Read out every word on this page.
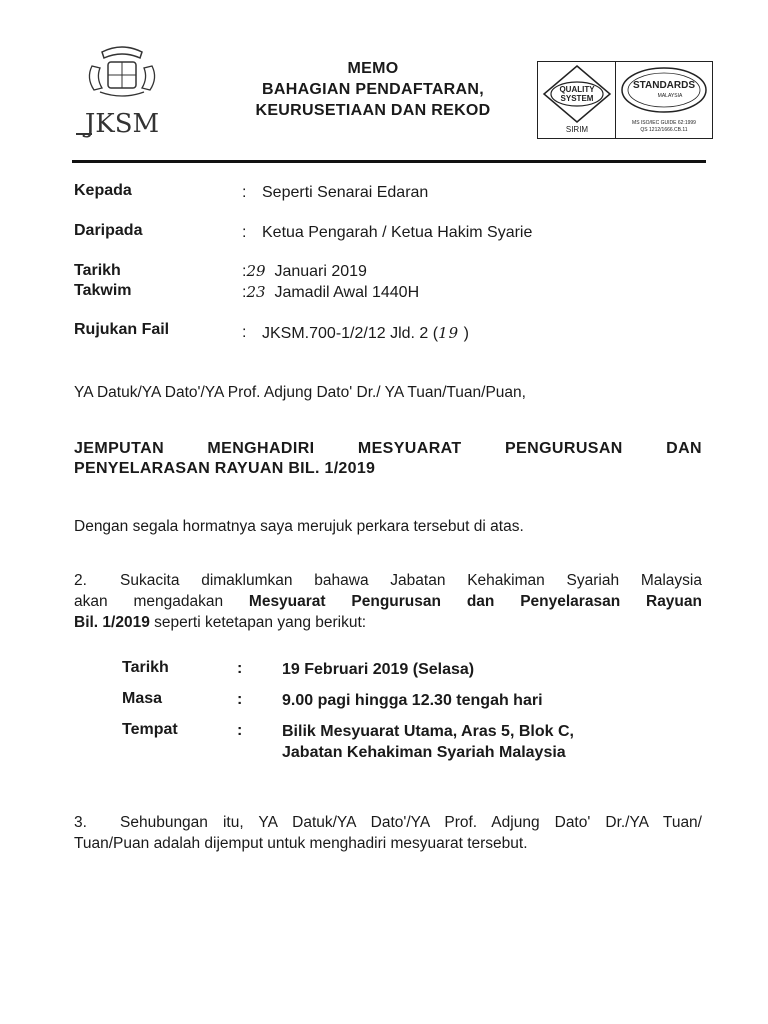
JKSM
MEMO
BAHAGIAN PENDAFTARAN,
KEURUSETIAAN DAN REKOD
QUALITY
SYSTEM
SIRIM
STANDARDS
MALAYSIA
MS ISO/IEC GUIDE 62:1999
QS 1212/1666.CB.11
Kepada	: Seperti Senarai Edaran
Daripada	: Ketua Pengarah / Ketua Hakim Syarie
Tarikh	:29 Januari 2019
Takwim	:23 Jamadil Awal 1440H
Rujukan Fail	: JKSM.700-1/2/12 Jld. 2 (19 )
YA Datuk/YA Dato'/YA Prof. Adjung Dato' Dr./ YA Tuan/Tuan/Puan,
JEMPUTAN	MENGHADIRI	MESYUARAT	PENGURUSAN	DAN
PENYELARASAN RAYUAN BIL. 1/2019
Dengan segala hormatnya saya merujuk perkara tersebut di atas.
2. Sukacita dimaklumkan bahawa Jabatan Kehakiman Syariah Malaysia
akan mengadakan Mesyuarat Pengurusan dan Penyelarasan Rayuan
Bil. 1/2019 seperti ketetapan yang berikut:
Tarikh	: 19 Februari 2019 (Selasa)
Masa	: 9.00 pagi hingga 12.30 tengah hari
Tempat	: Bilik Mesyuarat Utama, Aras 5, Blok C,
Jabatan Kehakiman Syariah Malaysia
3. Sehubungan itu, YA Datuk/YA Dato'/YA Prof. Adjung Dato' Dr./YA Tuan/
Tuan/Puan adalah dijemput untuk menghadiri mesyuarat tersebut.
